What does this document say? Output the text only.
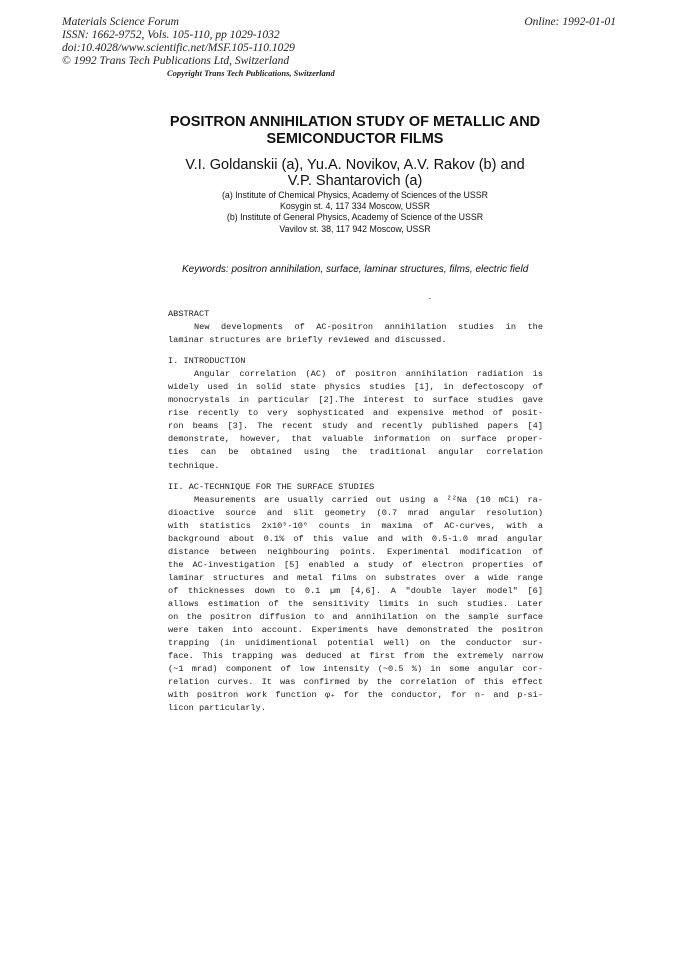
Materials Science Forum
ISSN: 1662-9752, Vols. 105-110, pp 1029-1032
doi:10.4028/www.scientific.net/MSF.105-110.1029
© 1992 Trans Tech Publications Ltd, Switzerland
Online: 1992-01-01
Copyright Trans Tech Publications, Switzerland
POSITRON ANNIHILATION STUDY OF METALLIC AND
SEMICONDUCTOR FILMS
V.I. Goldanskii (a), Yu.A. Novikov, A.V. Rakov (b) and
V.P. Shantarovich (a)
(a) Institute of Chemical Physics, Academy of Sciences of the USSR
Kosygin st. 4, 117 334 Moscow, USSR
(b) Institute of General Physics, Academy of Science of the USSR
Vavilov st. 38, 117 942 Moscow, USSR
Keywords: positron annihilation, surface, laminar structures, films, electric field
ABSTRACT
New developments of AC-positron annihilation studies in the
laminar structures are briefly reviewed and discussed.
I. INTRODUCTION
Angular correlation (AC) of positron annihilation radiation is
widely used in solid state physics studies [1], in defectoscopy of
monocrystals in particular [2].The interest to surface studies gave
rise recently to very sophysticated and expensive method of posit-
ron beams [3]. The recent study and recently published papers [4]
demonstrate, however, that valuable information on surface proper-
ties can be obtained using the traditional angular correlation
technique.
II. AC-TECHNIQUE FOR THE SURFACE STUDIES
Measurements are usually carried out using a ²²Na (10 mCi) ra-
dioactive source and slit geometry (0.7 mrad angular resolution)
with statistics 2x10⁵-10⁶ counts in maxima of AC-curves, with a
background about 0.1% of this value and with 0.5-1.0 mrad angular
distance between neighbouring points. Experimental modification of
the AC-investigation [5] enabled a study of electron properties of
laminar structures and metal films on substrates over a wide range
of thicknesses down to 0.1 µm [4,6]. A "double layer model" [6]
allows estimation of the sensitivity limits in such studies. Later
on the positron diffusion to and annihilation on the sample surface
were taken into account. Experiments have demonstrated the positron
trapping (in unidimentional potential well) on the conductor sur-
face. This trapping was deduced at first from the extremely narrow
(~1 mrad) component of low intensity (~0.5 %) in some angular cor-
relation curves. It was confirmed by the correlation of this effect
with positron work function φ₊ for the conductor, for n- and p-si-
licon particularly.
